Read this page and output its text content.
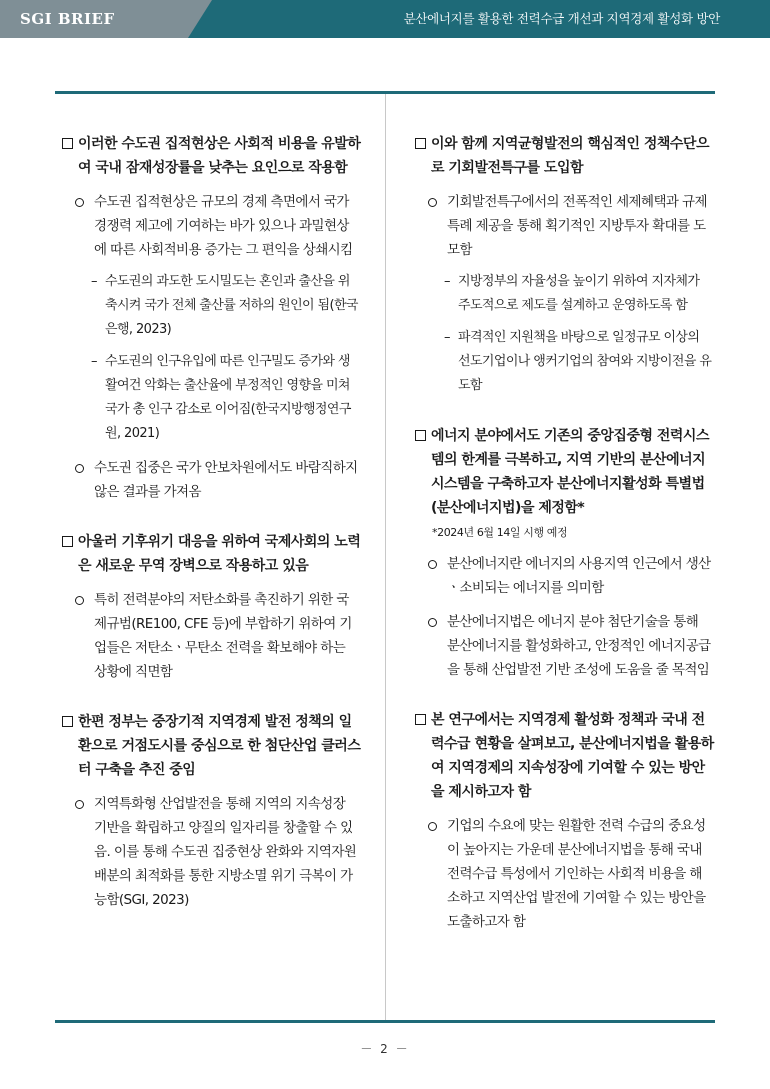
SGI BRIEF	분산에너지를 활용한 전력수급 개선과 지역경제 활성화 방안
이러한 수도권 집적현상은 사회적 비용을 유발하여 국내 잠재성장률을 낮추는 요인으로 작용함
수도권 집적현상은 규모의 경제 측면에서 국가경쟁력 제고에 기여하는 바가 있으나 과밀현상에 따른 사회적비용 증가는 그 편익을 상쇄시킴
– 수도권의 과도한 도시밀도는 혼인과 출산을 위축시켜 국가 전체 출산률 저하의 원인이 됨(한국은행, 2023)
– 수도권의 인구유입에 따른 인구밀도 증가와 생활여건 악화는 출산율에 부정적인 영향을 미쳐 국가 총 인구 감소로 이어짐(한국지방행정연구원, 2021)
수도권 집중은 국가 안보차원에서도 바람직하지 않은 결과를 가져옴
아울러 기후위기 대응을 위하여 국제사회의 노력은 새로운 무역 장벽으로 작용하고 있음
특히 전력분야의 저탄소화를 촉진하기 위한 국제규범(RE100, CFE 등)에 부합하기 위하여 기업들은 저탄소ㆍ무탄소 전력을 확보해야 하는 상황에 직면함
한편 정부는 중장기적 지역경제 발전 정책의 일환으로 거점도시를 중심으로 한 첨단산업 클러스터 구축을 추진 중임
지역특화형 산업발전을 통해 지역의 지속성장 기반을 확립하고 양질의 일자리를 창출할 수 있음. 이를 통해 수도권 집중현상 완화와 지역자원 배분의 최적화를 통한 지방소멸 위기 극복이 가능함(SGI, 2023)
이와 함께 지역균형발전의 핵심적인 정책수단으로 기회발전특구를 도입함
기회발전특구에서의 전폭적인 세제혜택과 규제특례 제공을 통해 획기적인 지방투자 확대를 도모함
– 지방정부의 자율성을 높이기 위하여 지자체가 주도적으로 제도를 설계하고 운영하도록 함
– 파격적인 지원책을 바탕으로 일정규모 이상의 선도기업이나 앵커기업의 참여와 지방이전을 유도함
에너지 분야에서도 기존의 중앙집중형 전력시스템의 한계를 극복하고, 지역 기반의 분산에너지 시스템을 구축하고자 분산에너지활성화 특별법(분산에너지법)을 제정함*
*2024년 6월 14일 시행 예정
분산에너지란 에너지의 사용지역 인근에서 생산ㆍ소비되는 에너지를 의미함
분산에너지법은 에너지 분야 첨단기술을 통해 분산에너지를 활성화하고, 안정적인 에너지공급을 통해 산업발전 기반 조성에 도움을 줄 목적임
본 연구에서는 지역경제 활성화 정책과 국내 전력수급 현황을 살펴보고, 분산에너지법을 활용하여 지역경제의 지속성장에 기여할 수 있는 방안을 제시하고자 함
기업의 수요에 맞는 원활한 전력 수급의 중요성이 높아지는 가운데 분산에너지법을 통해 국내 전력수급 특성에서 기인하는 사회적 비용을 해소하고 지역산업 발전에 기여할 수 있는 방안을 도출하고자 함
－ 2 －
